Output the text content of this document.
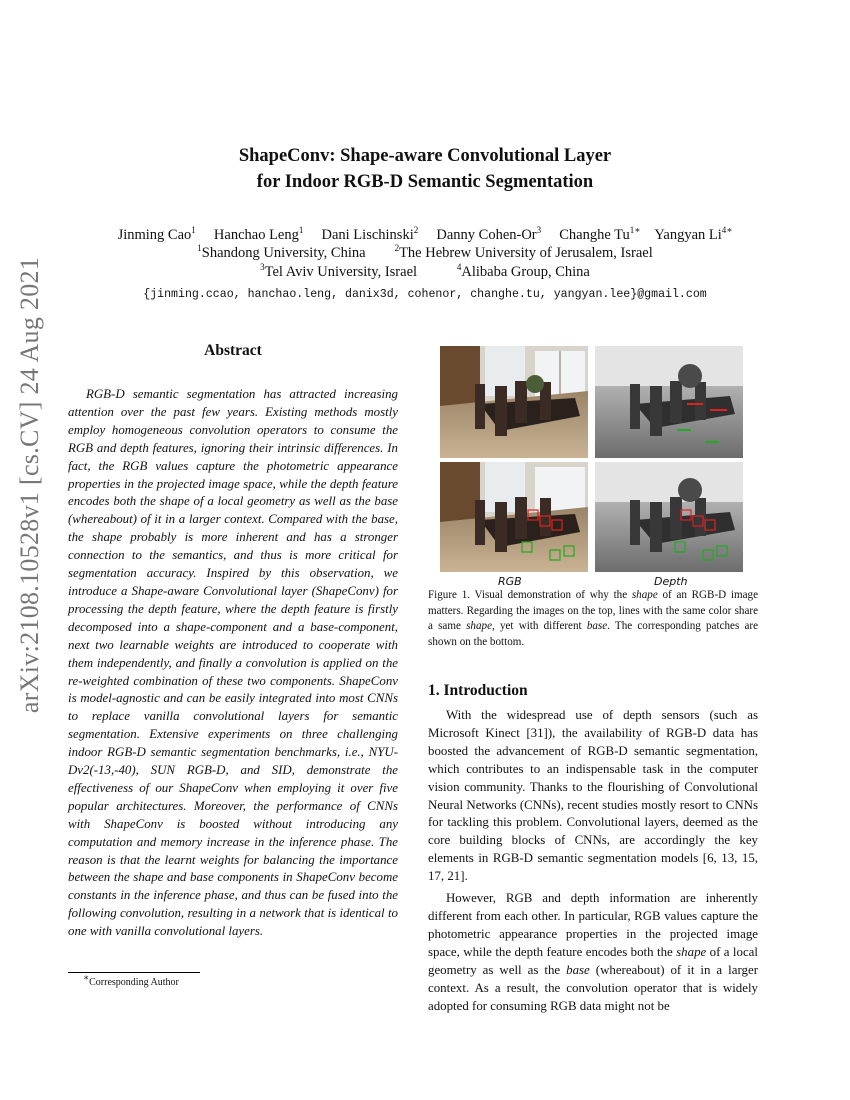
arXiv:2108.10528v1 [cs.CV] 24 Aug 2021
ShapeConv: Shape-aware Convolutional Layer
for Indoor RGB-D Semantic Segmentation
Jinming Cao$^1$ Hanchao Leng$^1$ Dani Lischinski$^2$ Danny Cohen-Or$^3$ Changhe $Tu^{1∗}$ Yangyan $Li^{4∗}$
$^1$Shandong University, China	$^2$The Hebrew University of Jerusalem, Israel
$^3$Tel Aviv University, Israel	$^4$Alibaba Group, China
{jinming.ccao, hanchao.leng, danix3d, cohenor, changhe.tu, yangyan.lee}@gmail.com
Abstract
RGB-D semantic segmentation has attracted increasing attention over the past few years. Existing methods mostly employ homogeneous convolution operators to consume the RGB and depth features, ignoring their intrinsic differences. In fact, the RGB values capture the photometric appearance properties in the projected image space, while the depth feature encodes both the shape of a local geometry as well as the base (whereabout) of it in a larger context. Compared with the base, the shape probably is more inherent and has a stronger connection to the semantics, and thus is more critical for segmentation accuracy. Inspired by this observation, we introduce a Shape-aware Convolutional layer (ShapeConv) for processing the depth feature, where the depth feature is firstly decomposed into a shape-component and a base-component, next two learnable weights are introduced to cooperate with them independently, and finally a convolution is applied on the re-weighted combination of these two components. ShapeConv is model-agnostic and can be easily integrated into most CNNs to replace vanilla convolutional layers for semantic segmentation. Extensive experiments on three challenging indoor RGB-D semantic segmentation benchmarks, i.e., NYU-Dv2(-13,-40), SUN RGB-D, and SID, demonstrate the effectiveness of our ShapeConv when employing it over five popular architectures. Moreover, the performance of CNNs with ShapeConv is boosted without introducing any computation and memory increase in the inference phase. The reason is that the learnt weights for balancing the importance between the shape and base components in ShapeConv become constants in the inference phase, and thus can be fused into the following convolution, resulting in a network that is identical to one with vanilla convolutional layers.
∗Corresponding Author
RGB	Depth
Figure 1. Visual demonstration of why the shape of an RGB-D image matters. Regarding the images on the top, lines with the same color share a same shape, yet with different base. The corresponding patches are shown on the bottom.
1. Introduction

With the widespread use of depth sensors (such as Microsoft Kinect [31]), the availability of RGB-D data has boosted the advancement of RGB-D semantic segmentation, which contributes to an indispensable task in the computer vision community. Thanks to the flourishing of Convolutional Neural Networks (CNNs), recent studies mostly resort to CNNs for tackling this problem. Convolutional layers, deemed as the core building blocks of CNNs, are accordingly the key elements in RGB-D semantic segmentation models [6, 13, 15, 17, 21].

However, RGB and depth information are inherently different from each other. In particular, RGB values capture the photometric appearance properties in the projected image space, while the depth feature encodes both the shape of a local geometry as well as the base (whereabout) of it in a larger context. As a result, the convolution operator that is widely adopted for consuming RGB data might not be
